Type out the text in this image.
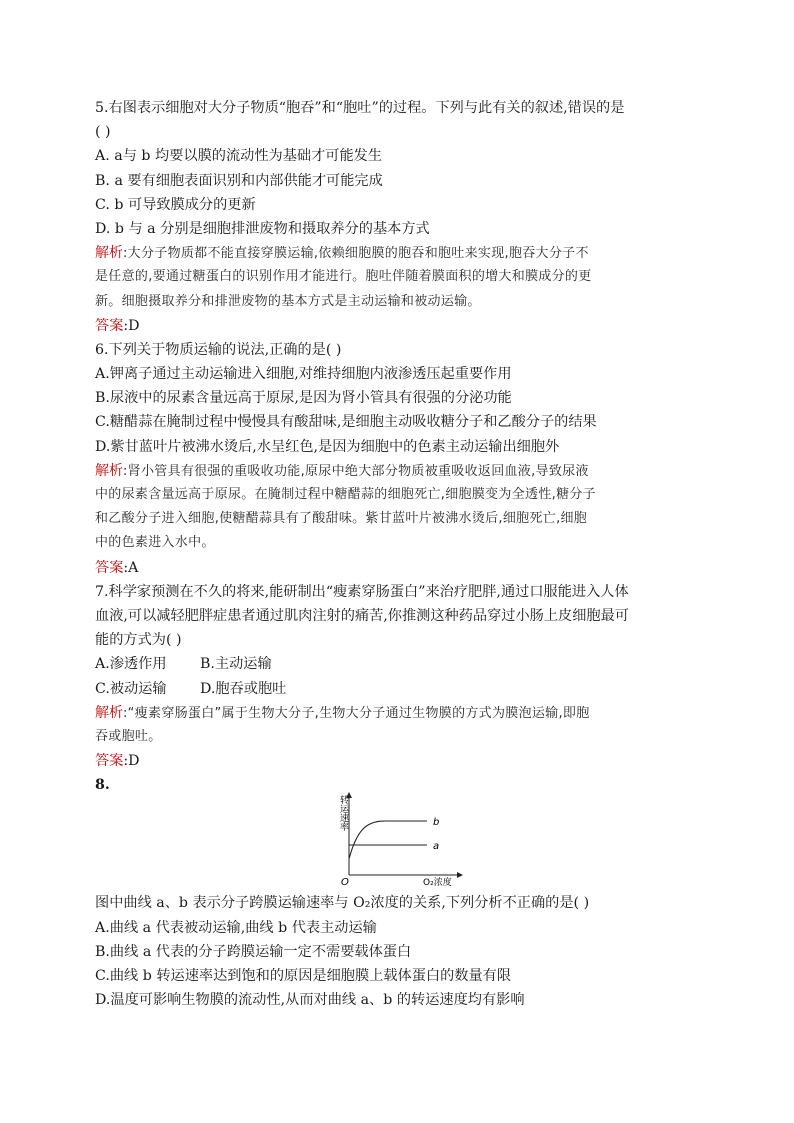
5.右图表示细胞对大分子物质“胞吞”和“胞吐”的过程。下列与此有关的叙述,错误的是
( )
A. a与 b 均要以膜的流动性为基础才可能发生
B. a 要有细胞表面识别和内部供能才可能完成
C. b 可导致膜成分的更新
D. b 与 a 分别是细胞排泄废物和摄取养分的基本方式
解析:大分子物质都不能直接穿膜运输,依赖细胞膜的胞吞和胞吐来实现,胞吞大分子不
是任意的,要通过糖蛋白的识别作用才能进行。胞吐伴随着膜面积的增大和膜成分的更
新。细胞摄取养分和排泄废物的基本方式是主动运输和被动运输。
答案:D
6.下列关于物质运输的说法,正确的是( )
A.钾离子通过主动运输进入细胞,对维持细胞内液渗透压起重要作用
B.尿液中的尿素含量远高于原尿,是因为肾小管具有很强的分泌功能
C.糖醋蒜在腌制过程中慢慢具有酸甜味,是细胞主动吸收糖分子和乙酸分子的结果
D.紫甘蓝叶片被沸水烫后,水呈红色,是因为细胞中的色素主动运输出细胞外
解析:肾小管具有很强的重吸收功能,原尿中绝大部分物质被重吸收返回血液,导致尿液
中的尿素含量远高于原尿。在腌制过程中糖醋蒜的细胞死亡,细胞膜变为全透性,糖分子
和乙酸分子进入细胞,使糖醋蒜具有了酸甜味。紫甘蓝叶片被沸水烫后,细胞死亡,细胞
中的色素进入水中。
答案:A
7.科学家预测在不久的将来,能研制出“瘦素穿肠蛋白”来治疗肥胖,通过口服能进入人体
血液,可以减轻肥胖症患者通过肌肉注射的痛苦,你推测这种药品穿过小肠上皮细胞最可
能的方式为( )
A.渗透作用 B.主动运输
C.被动运输 D.胞吞或胞吐
解析:“瘦素穿肠蛋白”属于生物大分子,生物大分子通过生物膜的方式为膜泡运输,即胞
吞或胞吐。
答案:D
8.
b
a
O	O₂浓度
转运速率
图中曲线 a、b 表示分子跨膜运输速率与 O₂浓度的关系,下列分析不正确的是( )
A.曲线 a 代表被动运输,曲线 b 代表主动运输
B.曲线 a 代表的分子跨膜运输一定不需要载体蛋白
C.曲线 b 转运速率达到饱和的原因是细胞膜上载体蛋白的数量有限
D.温度可影响生物膜的流动性,从而对曲线 a、b 的转运速度均有影响
